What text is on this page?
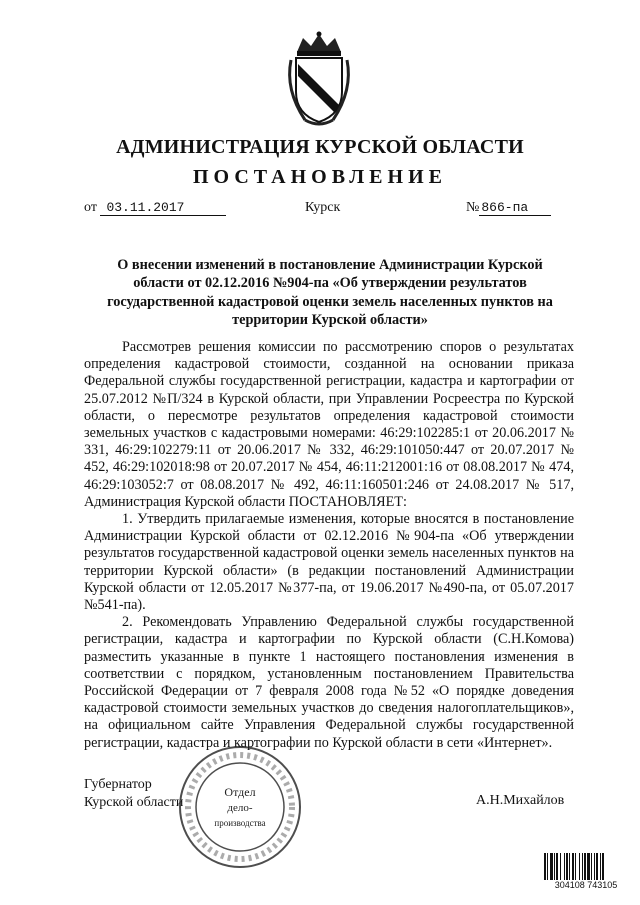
АДМИНИСТРАЦИЯ КУРСКОЙ ОБЛАСТИ
ПОСТАНОВЛЕНИЕ
от 03.11.2017	Курск	№ 866-па
О внесении изменений в постановление Администрации Курской области от 02.12.2016 №904-па «Об утверждении результатов государственной кадастровой оценки земель населенных пунктов на территории Курской области»

Рассмотрев решения комиссии по рассмотрению споров о результатах определения кадастровой стоимости, созданной на основании приказа Федеральной службы государственной регистрации, кадастра и картографии от 25.07.2012 №П/324 в Курской области, при Управлении Росреестра по Курской области, о пересмотре результатов определения кадастровой стоимости земельных участков с кадастровыми номерами: 46:29:102285:1 от 20.06.2017 № 331, 46:29:102279:11 от 20.06.2017 № 332, 46:29:101050:447 от 20.07.2017 № 452, 46:29:102018:98 от 20.07.2017 № 454, 46:11:212001:16 от 08.08.2017 № 474, 46:29:103052:7 от 08.08.2017 № 492, 46:11:160501:246 от 24.08.2017 № 517, Администрация Курской области ПОСТАНОВЛЯЕТ:

1. Утвердить прилагаемые изменения, которые вносятся в постановление Администрации Курской области от 02.12.2016 №904-па «Об утверждении результатов государственной кадастровой оценки земель населенных пунктов на территории Курской области» (в редакции постановлений Администрации Курской области от 12.05.2017 №377-па, от 19.06.2017 №490-па, от 05.07.2017 №541-па).

2. Рекомендовать Управлению Федеральной службы государственной регистрации, кадастра и картографии по Курской области (С.Н.Комова) разместить указанные в пункте 1 настоящего постановления изменения в соответствии с порядком, установленным постановлением Правительства Российской Федерации от 7 февраля 2008 года №52 «О порядке доведения кадастровой стоимости земельных участков до сведения налогоплательщиков», на официальном сайте Управления Федеральной службы государственной регистрации, кадастра и картографии по Курской области в сети «Интернет».

Губернатор
Курской области	А.Н.Михайлов
Отдел
дело-
производства
304108 743105
